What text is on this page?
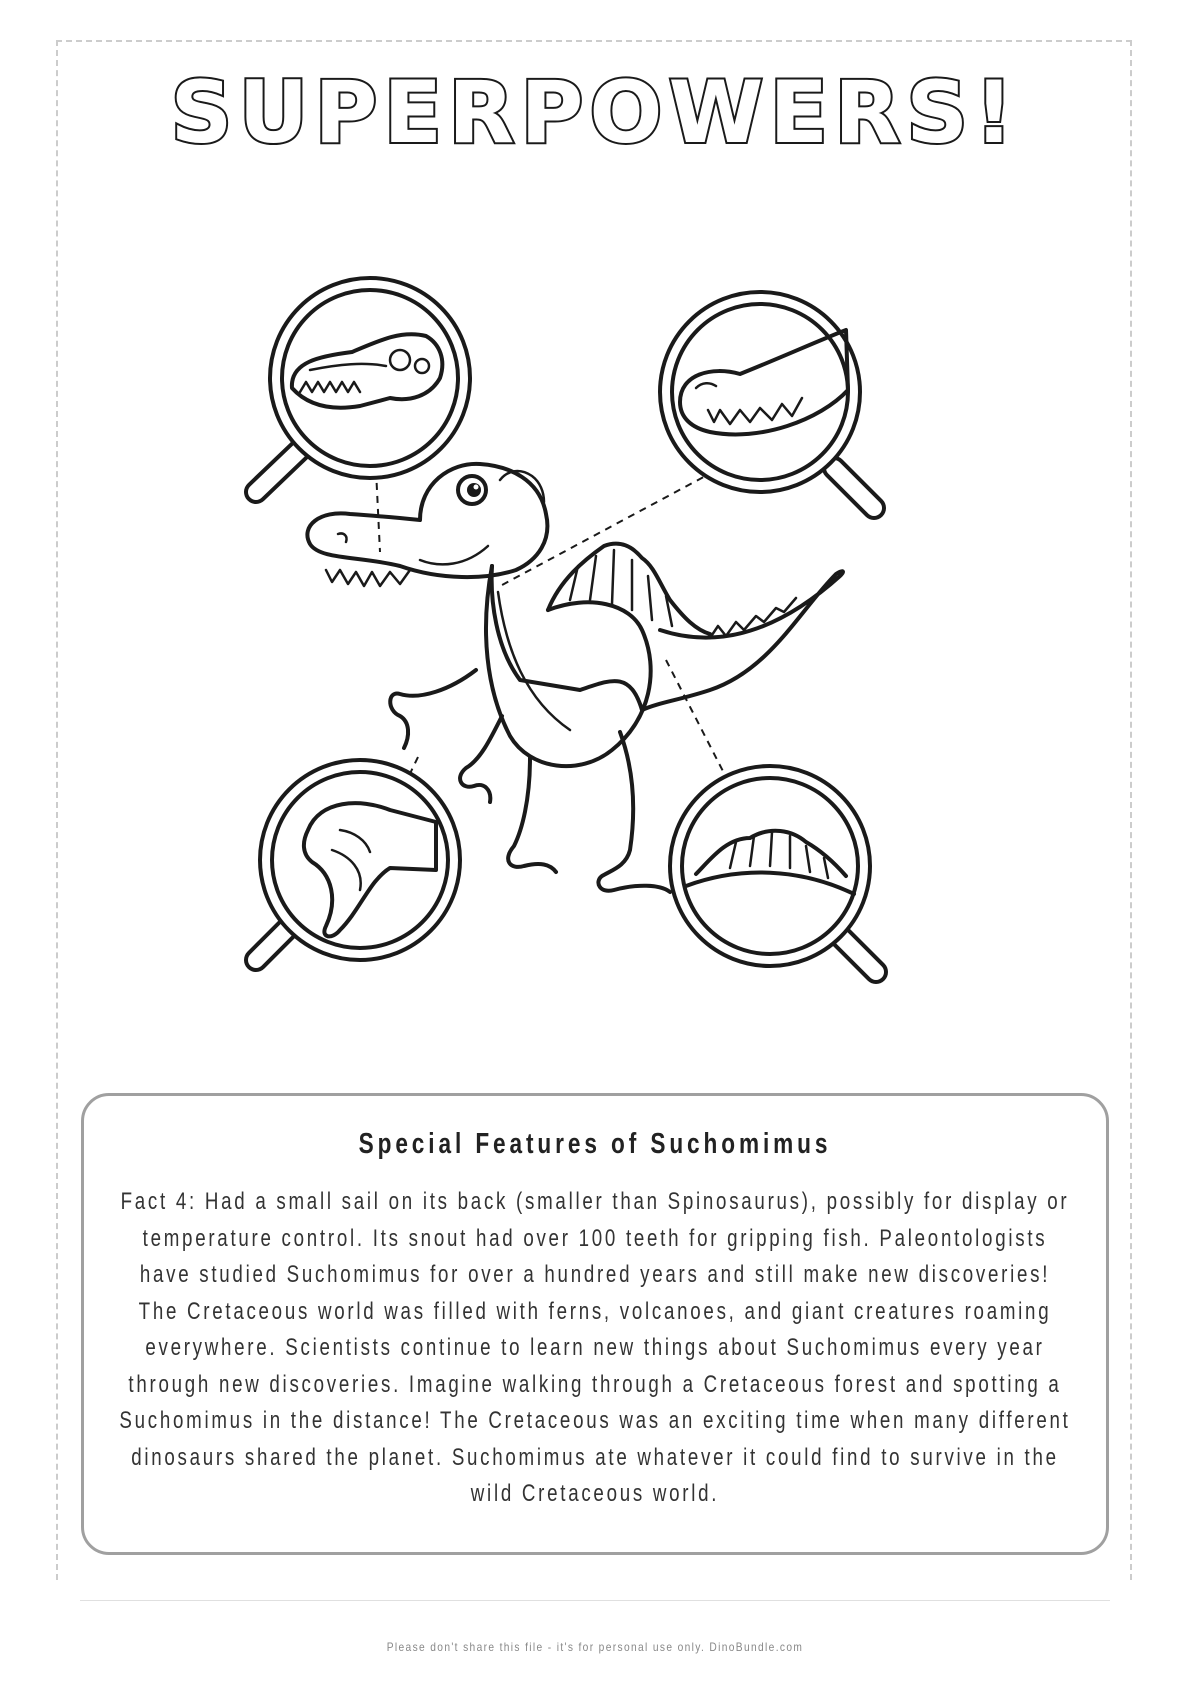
SUPERPOWERS!
Special Features of Suchomimus
Fact 4: Had a small sail on its back (smaller than Spinosaurus), possibly for display or temperature control. Its snout had over 100 teeth for gripping fish. Paleontologists have studied Suchomimus for over a hundred years and still make new discoveries! The Cretaceous world was filled with ferns, volcanoes, and giant creatures roaming everywhere. Scientists continue to learn new things about Suchomimus every year through new discoveries. Imagine walking through a Cretaceous forest and spotting a Suchomimus in the distance! The Cretaceous was an exciting time when many different dinosaurs shared the planet. Suchomimus ate whatever it could find to survive in the wild Cretaceous world.
Please don't share this file - it's for personal use only. DinoBundle.com
